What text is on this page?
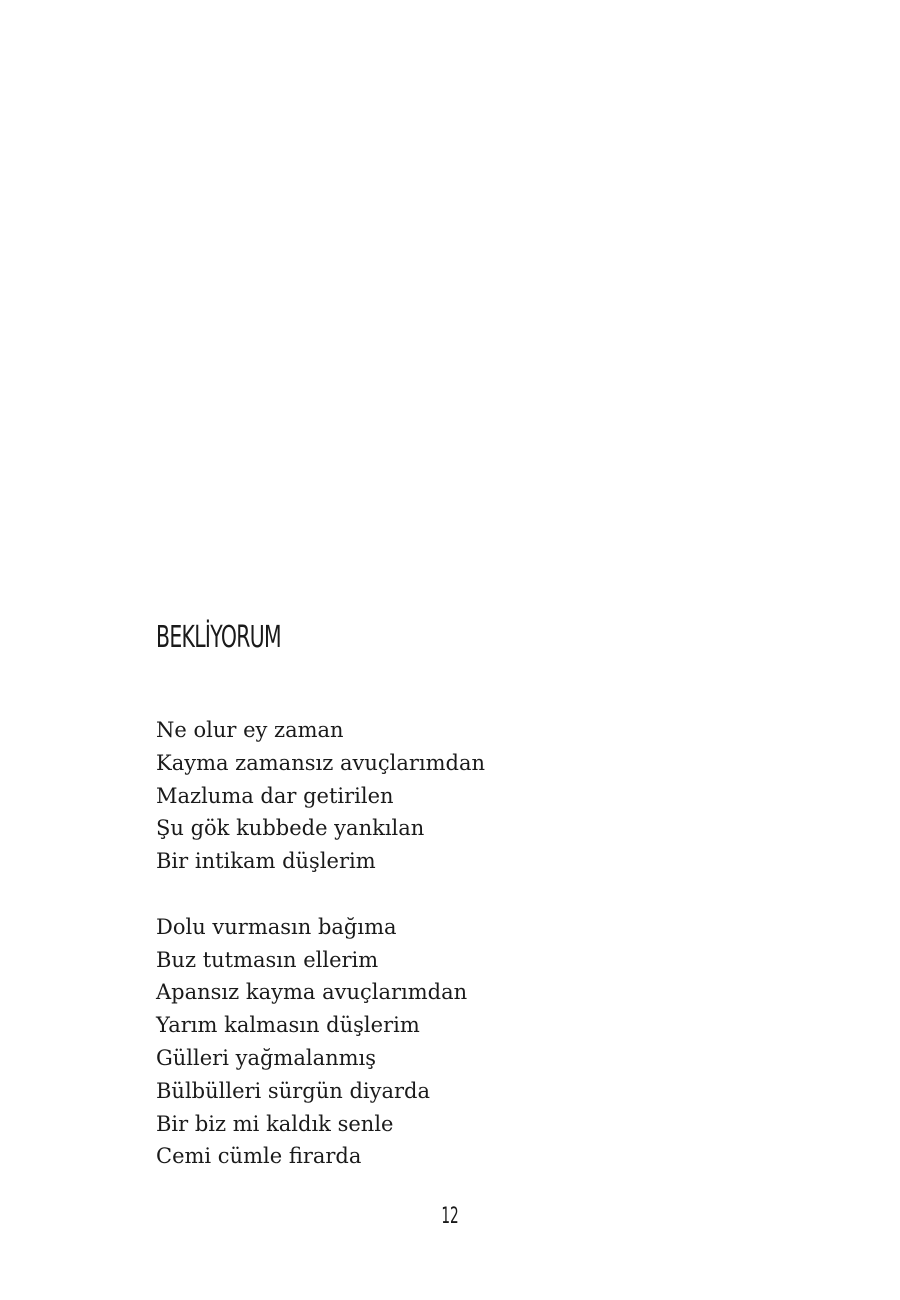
BEKLİYORUM

Ne olur ey zaman
Kayma zamansız avuçlarımdan
Mazluma dar getirilen
Şu gök kubbede yankılan
Bir intikam düşlerim

Dolu vurmasın bağıma
Buz tutmasın ellerim
Apansız kayma avuçlarımdan
Yarım kalmasın düşlerim
Gülleri yağmalanmış
Bülbülleri sürgün diyarda
Bir biz mi kaldık senle
Cemi cümle firarda

12
